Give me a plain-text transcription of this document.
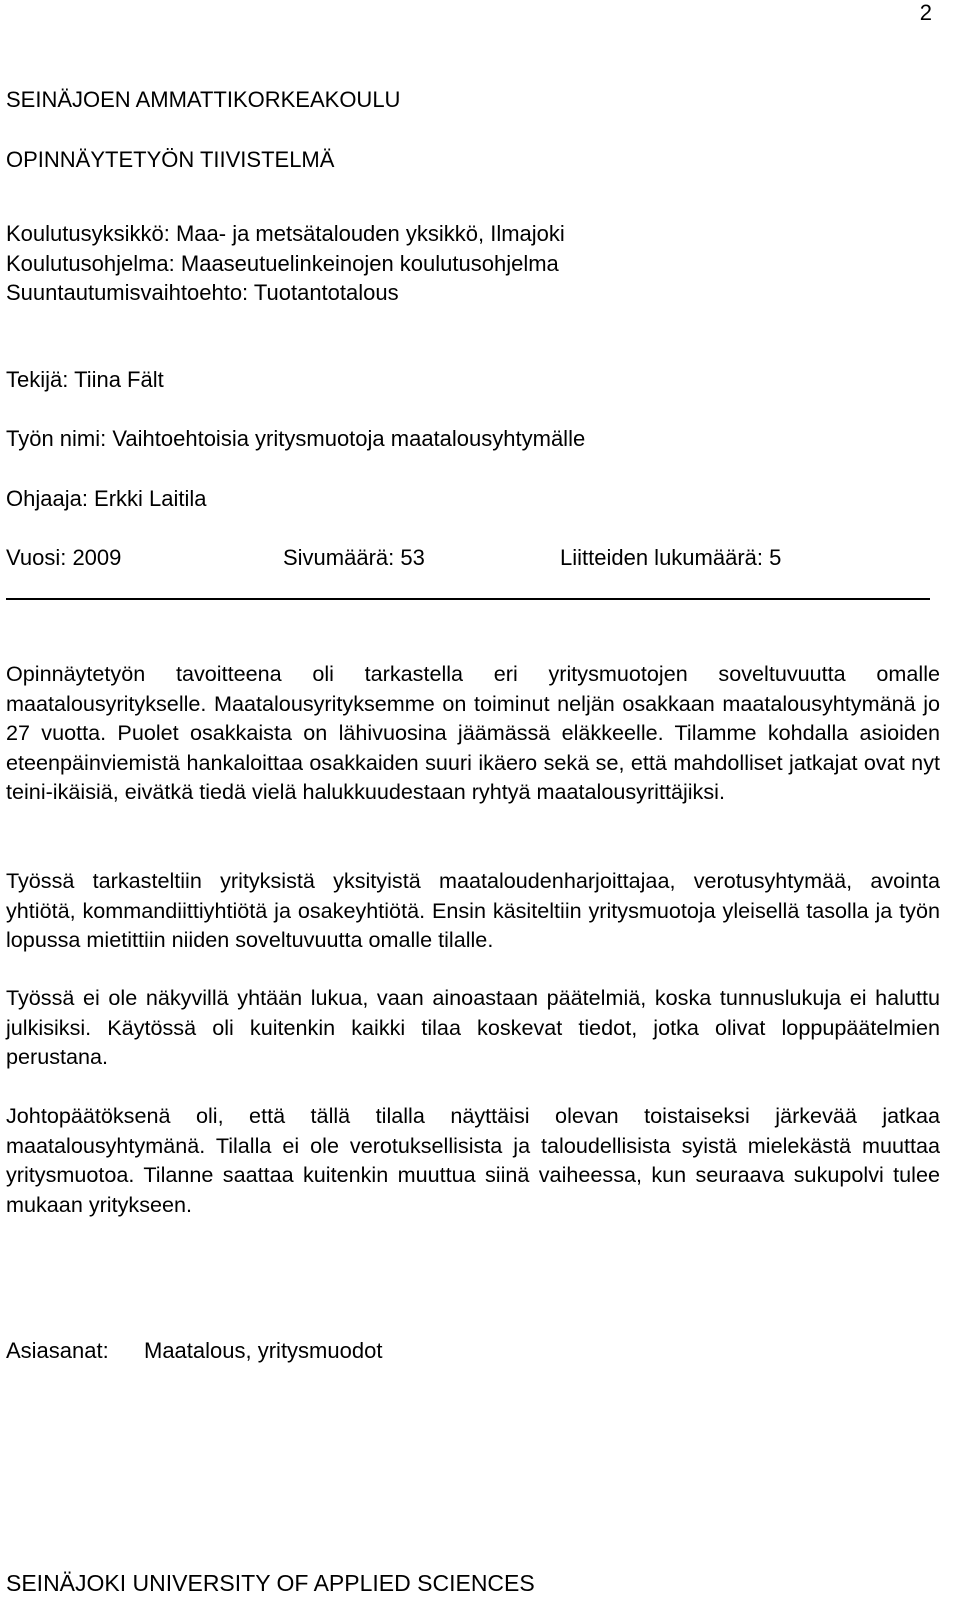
2
SEINÄJOEN AMMATTIKORKEAKOULU
OPINNÄYTETYÖN TIIVISTELMÄ
Koulutusyksikkö: Maa- ja metsätalouden yksikkö, Ilmajoki
Koulutusohjelma: Maaseutuelinkeinojen koulutusohjelma
Suuntautumisvaihtoehto: Tuotantotalous
Tekijä: Tiina Fält
Työn nimi: Vaihtoehtoisia yritysmuotoja maatalousyhtymälle
Ohjaaja: Erkki Laitila
Vuosi: 2009	Sivumäärä: 53	Liitteiden lukumäärä: 5
Opinnäytetyön tavoitteena oli tarkastella eri yritysmuotojen soveltuvuutta omalle maatalousyritykselle. Maatalousyrityksemme on toiminut neljän osakkaan maatalousyhtymänä jo 27 vuotta. Puolet osakkaista on lähivuosina jäämässä eläkkeelle. Tilamme kohdalla asioiden eteenpäinviemistä hankaloittaa osakkaiden suuri ikäero sekä se, että mahdolliset jatkajat ovat nyt teini-ikäisiä, eivätkä tiedä vielä halukkuudestaan ryhtyä maatalousyrittäjiksi.
Työssä tarkasteltiin yrityksistä yksityistä maataloudenharjoittajaa, verotusyhtymää, avointa yhtiötä, kommandiittiyhtiötä ja osakeyhtiötä. Ensin käsiteltiin yritysmuotoja yleisellä tasolla ja työn lopussa mietittiin niiden soveltuvuutta omalle tilalle.
Työssä ei ole näkyvillä yhtään lukua, vaan ainoastaan päätelmiä, koska tunnuslukuja ei haluttu julkisiksi. Käytössä oli kuitenkin kaikki tilaa koskevat tiedot, jotka olivat loppupäätelmien perustana.
Johtopäätöksenä oli, että tällä tilalla näyttäisi olevan toistaiseksi järkevää jatkaa maatalousyhtymänä. Tilalla ei ole verotuksellisista ja taloudellisista syistä mielekästä muuttaa yritysmuotoa. Tilanne saattaa kuitenkin muuttua siinä vaiheessa, kun seuraava sukupolvi tulee mukaan yritykseen.
Asiasanat: Maatalous, yritysmuodot
SEINÄJOKI UNIVERSITY OF APPLIED SCIENCES
